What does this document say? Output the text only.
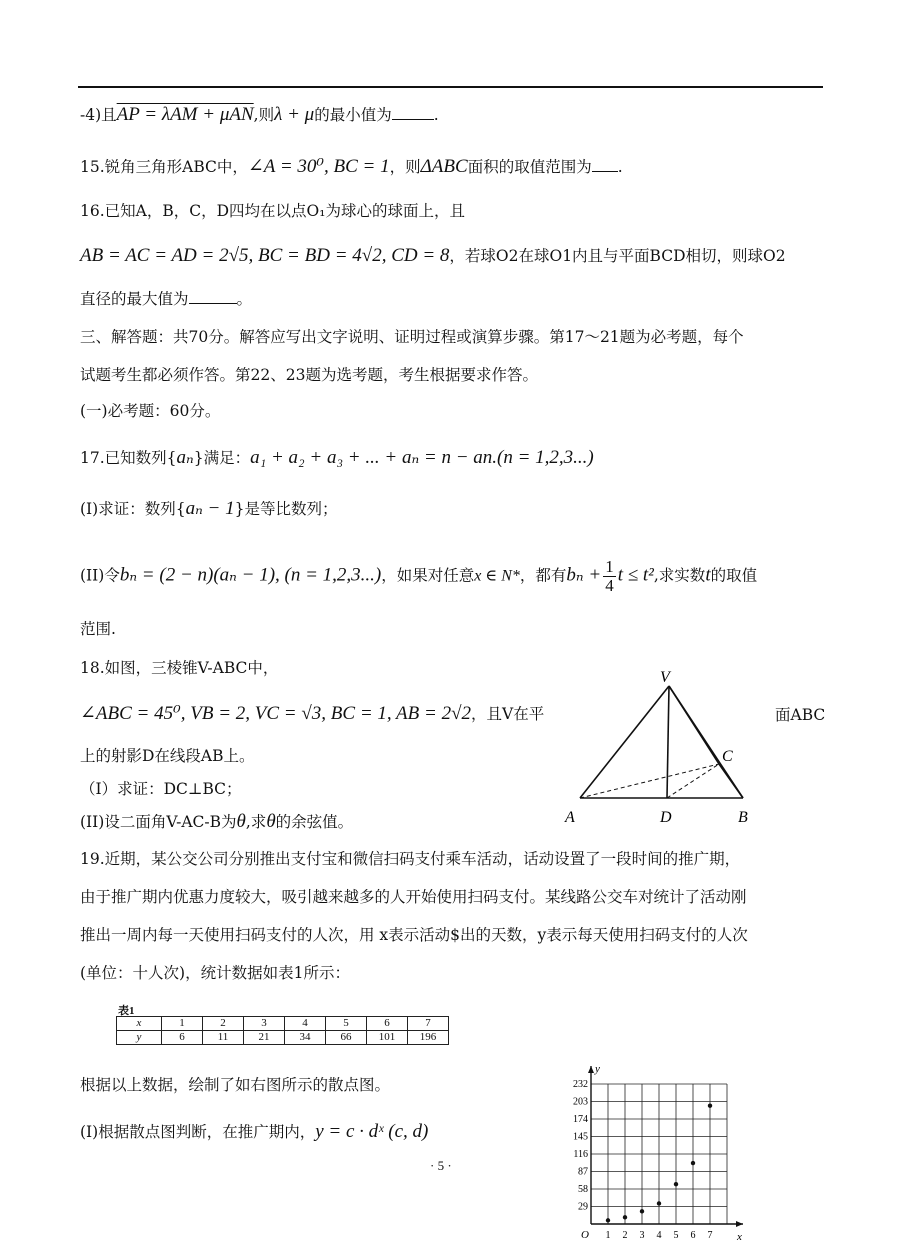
-4)且AP = λAM + μAN,则λ + μ的最小值为	.
15.锐角三角形ABC中，∠A = 30⁰, BC = 1，则ΔABC面积的取值范围为 .
16.已知A，B，C，D四均在以点O₁为球心的球面上，且
AB = AC = AD = 2√5, BC = BD = 4√2, CD = 8，若球O2在球O1内且与平面BCD相切，则球O2
直径的最大值为	。
三、解答题：共70分。解答应写出文字说明、证明过程或演算步骤。第17～21题为必考题，每个
试题考生都必须作答。第22、23题为选考题，考生根据要求作答。
(一)必考题：60分。
17.已知数列{aₙ}满足：a₁ + a₂ + a₃ + ... + aₙ = n − an.(n = 1,2,3...)
(I)求证：数列{aₙ − 1}是等比数列；
(II)令bₙ = (2 − n)(aₙ − 1), (n = 1,2,3...)，如果对任意x ∈ N*，都有$b_n + \frac{1}{4}$ t ≤ t²,求实数t的取值
范围.
18.如图，三棱锥V-ABC中，
∠ABC = 45⁰, VB = 2, VC = √3, BC = 1, AB = 2√2，且V在平	面ABC
上的射影D在线段AB上。
（I）求证：DC⊥BC；
(II)设二面角V-AC-B为θ,求θ的余弦值。
V
A	B
C
D
19.近期，某公交公司分别推出支付宝和微信扫码支付乘车活动，话动设置了一段时间的推广期，
由于推广期内优惠力度较大，吸引越来越多的人开始使用扫码支付。某线路公交车对统计了活动刚
推出一周内每一天使用扫码支付的人次，用 x表示活动$出的天数，y表示每天使用扫码支付的人次
(单位：十人次)，统计数据如表1所示：
表1
x	1	2	3	4	5	6	7
y	6	11	21	34	66	101	196
根据以上数据，绘制了如右图所示的散点图。
(I)根据散点图判断，在推广期内，y = c · dˣ (c, d)
· 5 ·
29
58
87
116
145
174
203
232
1 2 3 4 5 6 7 x
y
O
